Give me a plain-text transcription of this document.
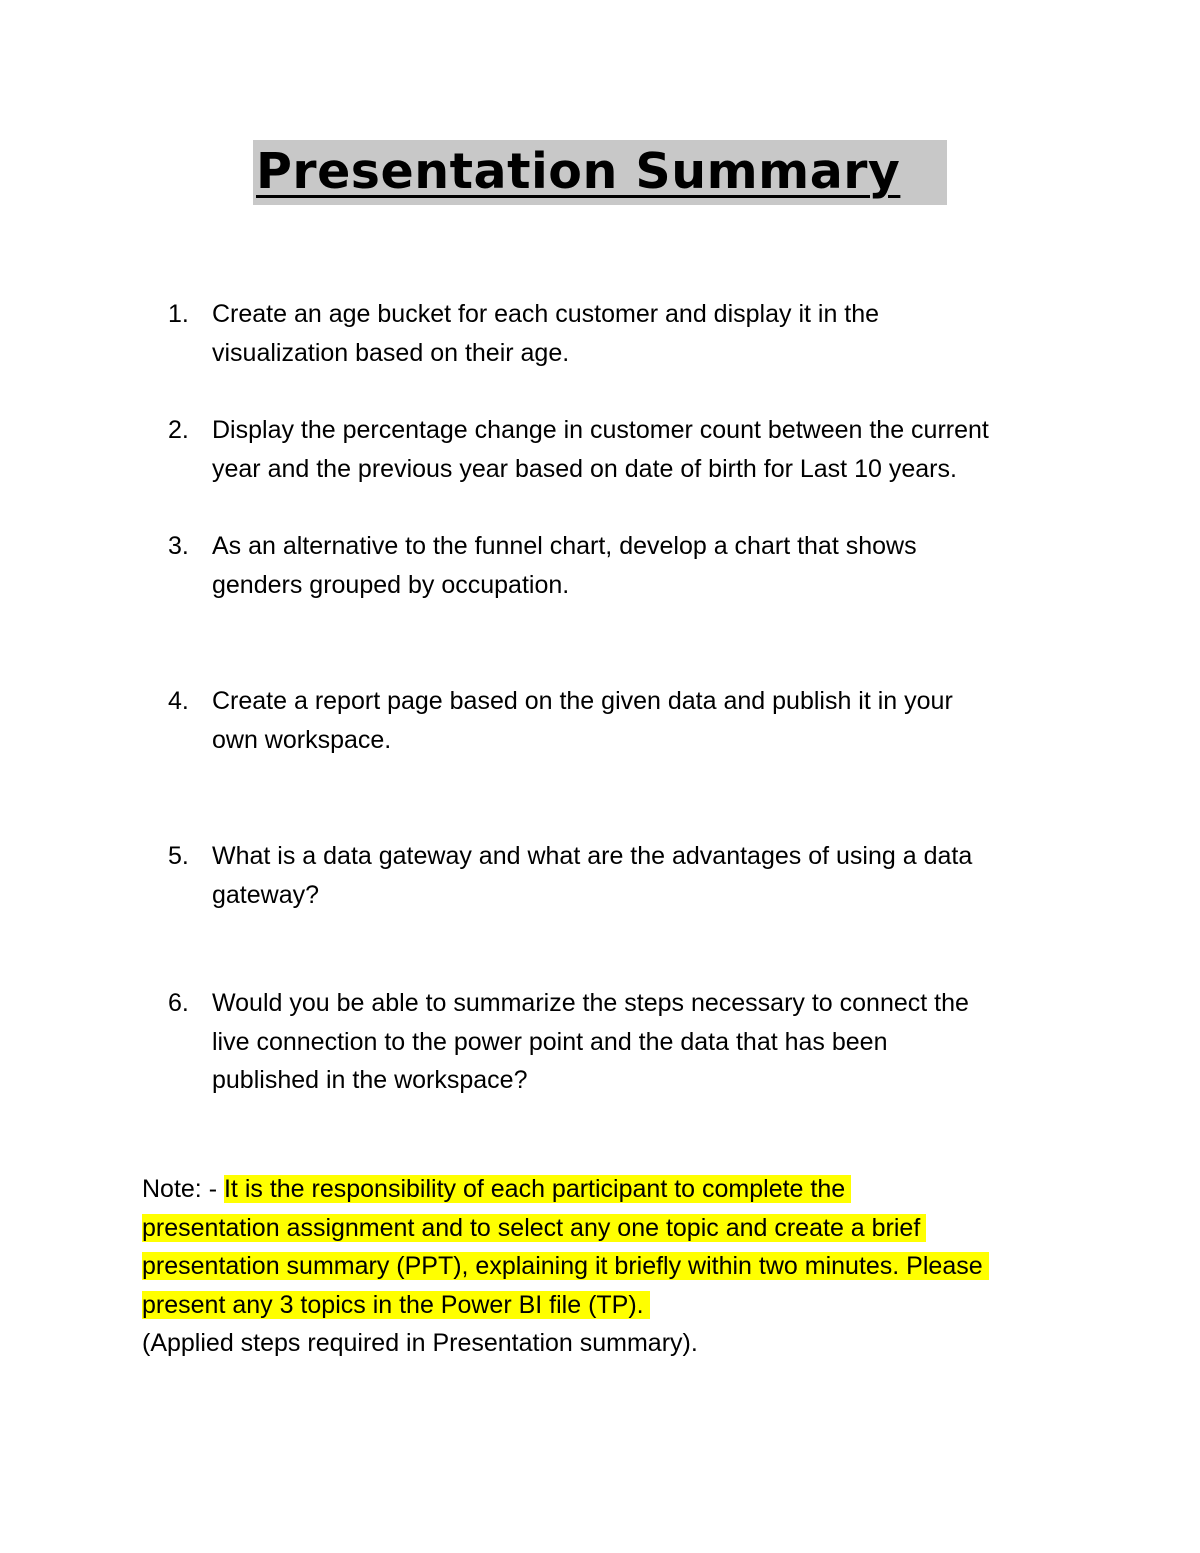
Presentation Summary
1. Create an age bucket for each customer and display it in the
visualization based on their age.
2. Display the percentage change in customer count between the current
year and the previous year based on date of birth for Last 10 years.
3. As an alternative to the funnel chart, develop a chart that shows
genders grouped by occupation.
4. Create a report page based on the given data and publish it in your
own workspace.
5. What is a data gateway and what are the advantages of using a data
gateway?
6. Would you be able to summarize the steps necessary to connect the
live connection to the power point and the data that has been
published in the workspace?
Note: - It is the responsibility of each participant to complete the
presentation assignment and to select any one topic and create a brief
presentation summary (PPT), explaining it briefly within two minutes. Please
present any 3 topics in the Power BI file (TP).
(Applied steps required in Presentation summary).
